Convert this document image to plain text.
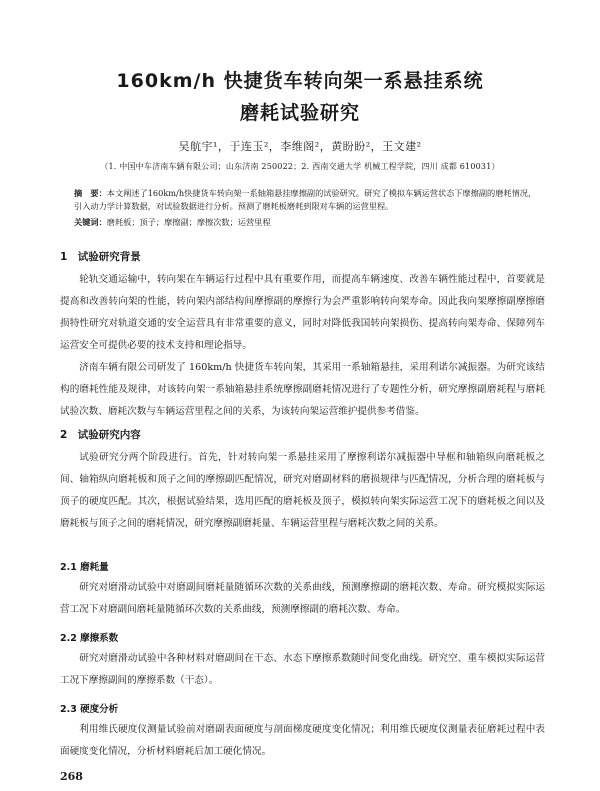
160km/h 快捷货车转向架一系悬挂系统
磨耗试验研究
吴航宇¹，于连玉²，李维阁²，黄盼盼²，王文建²
（1. 中国中车济南车辆有限公司；山东济南 250022；2. 西南交通大学 机械工程学院，四川 成都 610031）
摘　要：本文阐述了160km/h快捷货车转向架一系轴箱悬挂摩擦副的试验研究。研究了模拟车辆运营状态下摩擦副的磨耗情况，引入动力学计算数据，对试验数据进行分析。预测了磨耗板磨耗到限对车辆的运营里程。
关键词：磨耗板；顶子；摩擦副；摩擦次数；运营里程
1　试验研究背景
轮轨交通运输中，转向架在车辆运行过程中具有重要作用，而提高车辆速度、改善车辆性能过程中，首要就是提高和改善转向架的性能，转向架内部结构间摩擦副的摩擦行为会严重影响转向架寿命。因此我向架摩擦副摩擦磨损特性研究对轨道交通的安全运营具有非常重要的意义，同时对降低我国转向架损伤、提高转向架寿命、保障列车运营安全可提供必要的技术支持和理论指导。
济南车辆有限公司研发了 160km/h 快捷货车转向架，其采用一系轴箱悬挂，采用利诺尔减振器。为研究该结构的磨耗性能及规律，对该转向架一系轴箱悬挂系统摩擦副磨耗情况进行了专题性分析，研究摩擦副磨耗程与磨耗试验次数、磨耗次数与车辆运营里程之间的关系，为该转向架运营维护提供参考借鉴。
2　试验研究内容
试验研究分两个阶段进行。首先，针对转向架一系悬挂采用了摩擦利诺尔减振器中导框和轴箱纵向磨耗板之间、轴箱纵向磨耗板和顶子之间的摩擦副匹配情况，研究对磨副材料的磨损规律与匹配情况，分析合理的磨耗板与顶子的硬度匹配。其次，根据试验结果，选用匹配的磨耗板及顶子，模拟转向架实际运营工况下的磨耗板之间以及磨耗板与顶子之间的磨耗情况，研究摩擦副磨耗量、车辆运营里程与磨耗次数之间的关系。
2.1 磨耗量
研究对磨滑动试验中对磨副间磨耗量随循环次数的关系曲线，预测摩擦副的磨耗次数、寿命。研究模拟实际运营工况下对磨副间磨耗量随循环次数的关系曲线，预测摩擦副的磨耗次数、寿命。
2.2 摩擦系数
研究对磨滑动试验中各种材料对磨副间在干态、水态下摩擦系数随时间变化曲线。研究空、重车模拟实际运营工况下摩擦副间的摩擦系数（干态）。
2.3 硬度分析
利用维氏硬度仪测量试验前对磨副表面硬度与剖面梯度硬度变化情况；利用维氏硬度仪测量表征磨耗过程中表面硬度变化情况，分析材料磨耗后加工硬化情况。
268
